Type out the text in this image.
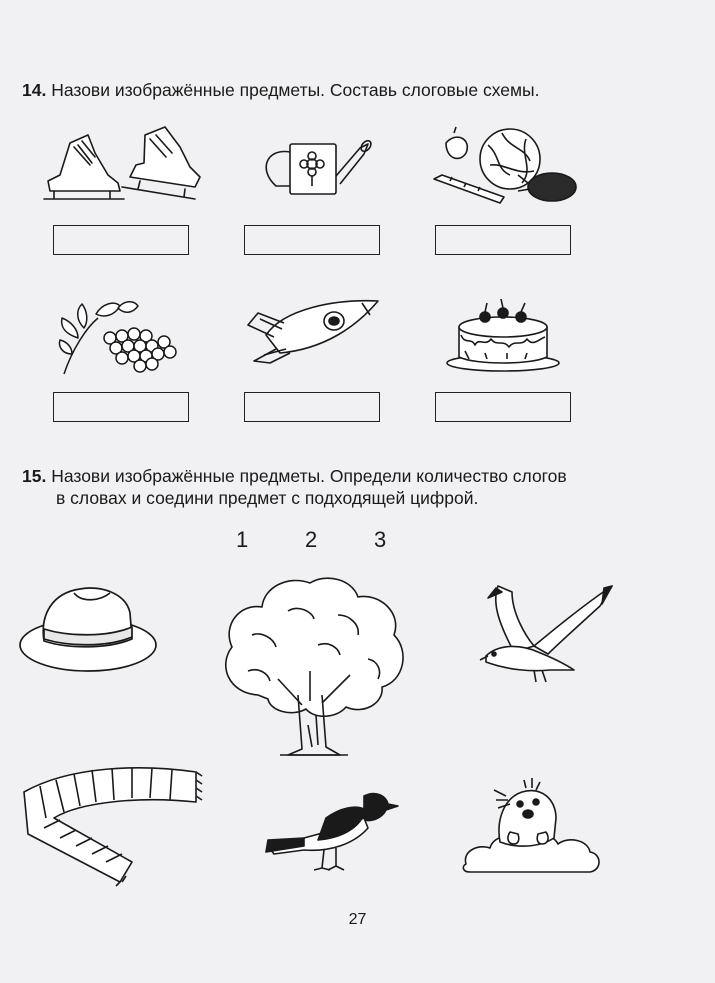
14. Назови изображённые предметы. Составь слоговые схемы.
15. Назови изображённые предметы. Определи количество слогов
в словах и соедини предмет с подходящей цифрой.
1	2	3
27
